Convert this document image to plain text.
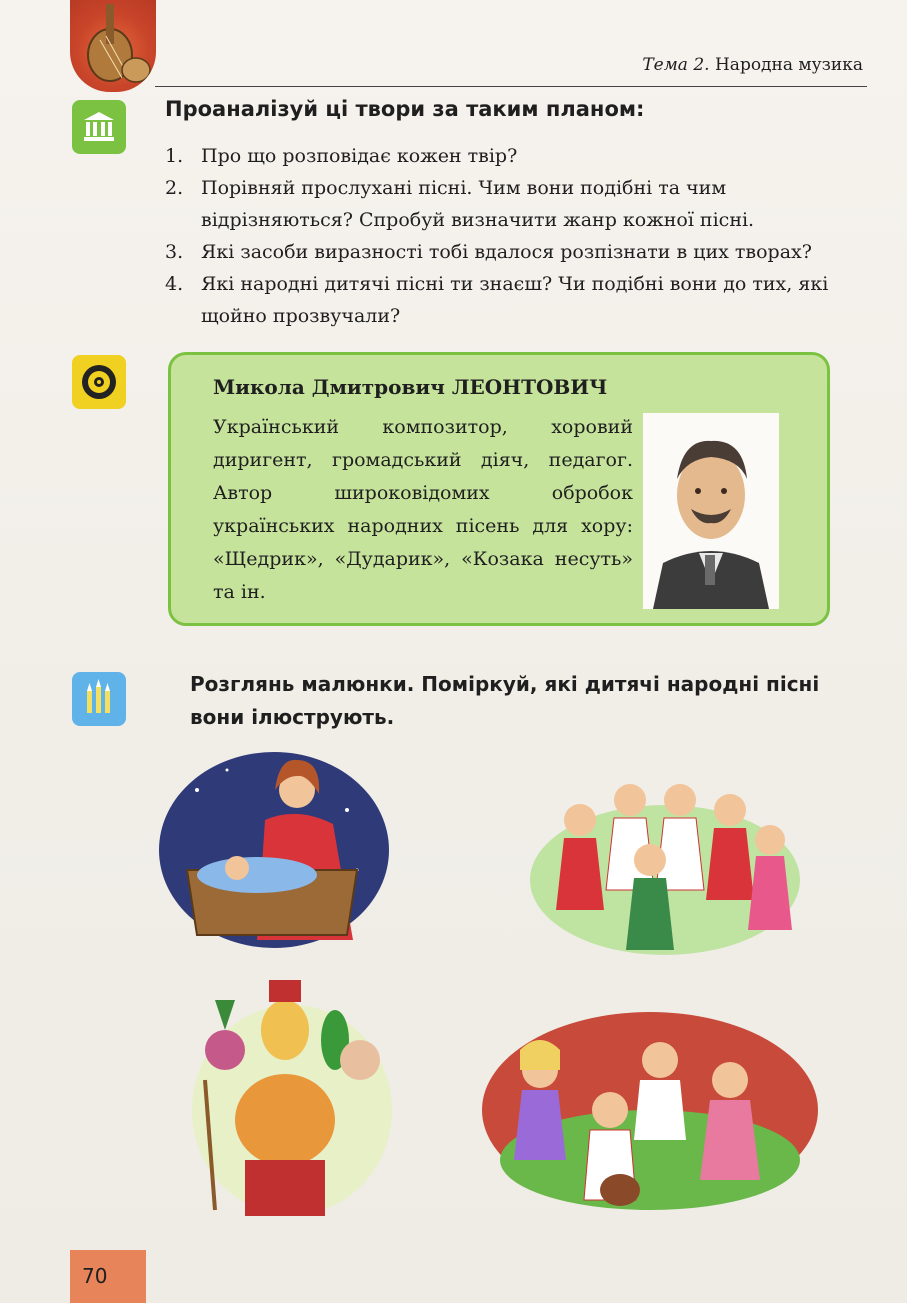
Тема 2. Народна музика
Проаналізуй ці твори за таким планом:
1. Про що розповідає кожен твір?
2. Порівняй прослухані пісні. Чим вони подібні та чим відрізняються? Спробуй визначити жанр кожної пісні.
3. Які засоби виразності тобі вдалося розпізнати в цих творах?
4. Які народні дитячі пісні ти знаєш? Чи подібні вони до тих, які щойно прозвучали?
Микола Дмитрович ЛЕОНТОВИЧ
Український композитор, хоровий диригент, громадський діяч, педагог. Автор широковідомих обробок українських народних пісень для хору: «Щедрик», «Дударик», «Козака несуть» та ін.
Розглянь малюнки. Поміркуй, які дитячі народні пісні вони ілюструють.
70
